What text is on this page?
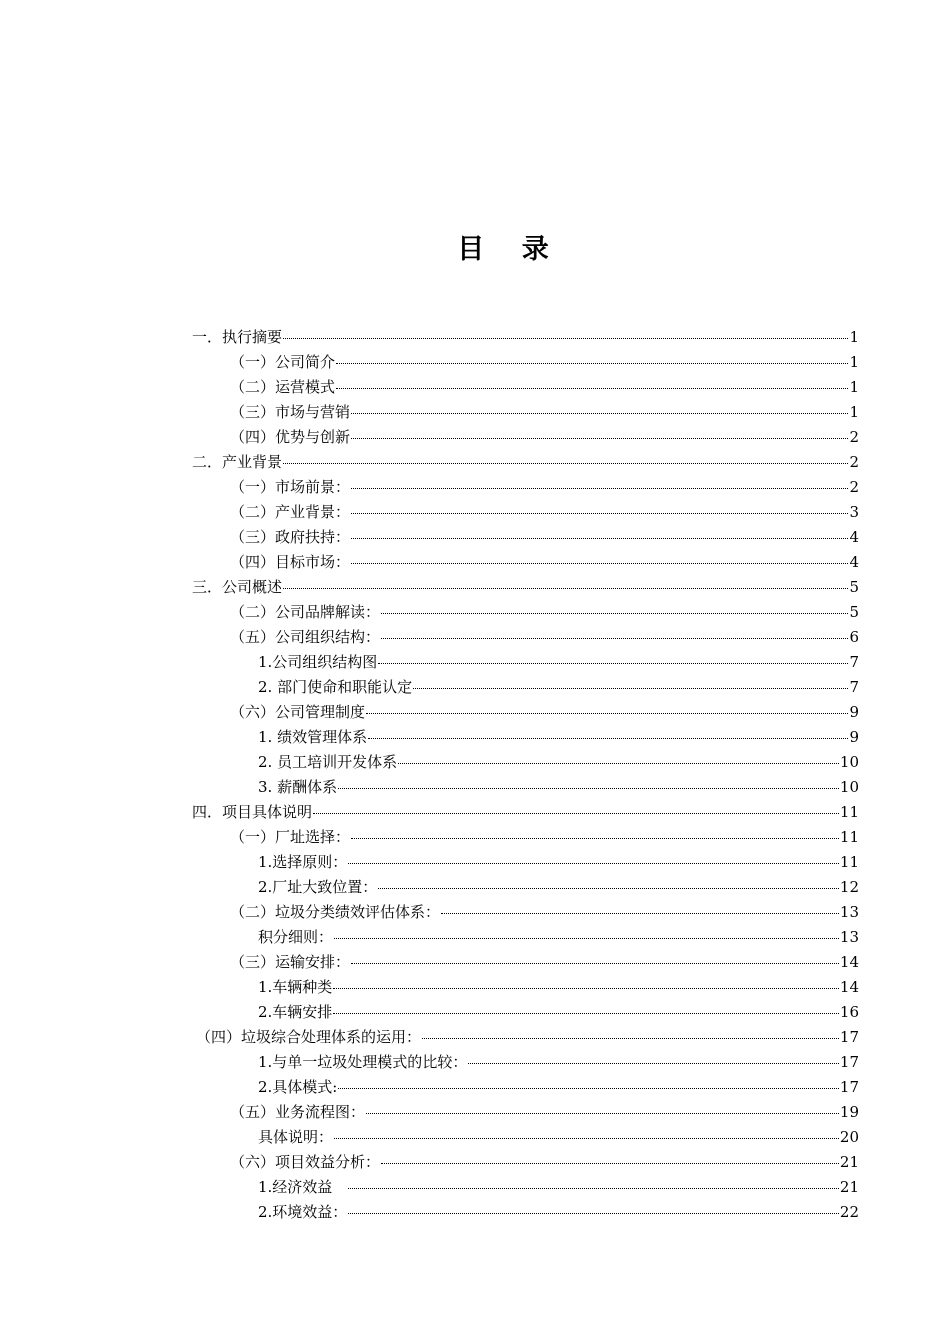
目 录
一．执行摘要	1
（一）公司简介	1
（二）运营模式	1
（三）市场与营销	1
（四）优势与创新	2
二．产业背景	2
（一）市场前景：	2
（二）产业背景：	3
（三）政府扶持：	4
（四）目标市场：	4
三．公司概述	5
（二）公司品牌解读：	5
（五）公司组织结构：	6
1.公司组织结构图	7
2. 部门使命和职能认定	7
（六）公司管理制度	9
1. 绩效管理体系	9
2. 员工培训开发体系	10
3. 薪酬体系	10
四．项目具体说明	11
（一）厂址选择：	11
1.选择原则：	11
2.厂址大致位置：	12
（二）垃圾分类绩效评估体系：	13
积分细则：	13
（三）运输安排：	14
1.车辆种类	14
2.车辆安排	16
（四）垃圾综合处理体系的运用：	17
1.与单一垃圾处理模式的比较：	17
2.具体模式:	17
（五）业务流程图：	19
具体说明：	20
（六）项目效益分析：	21
1.经济效益	21
2.环境效益：	22
